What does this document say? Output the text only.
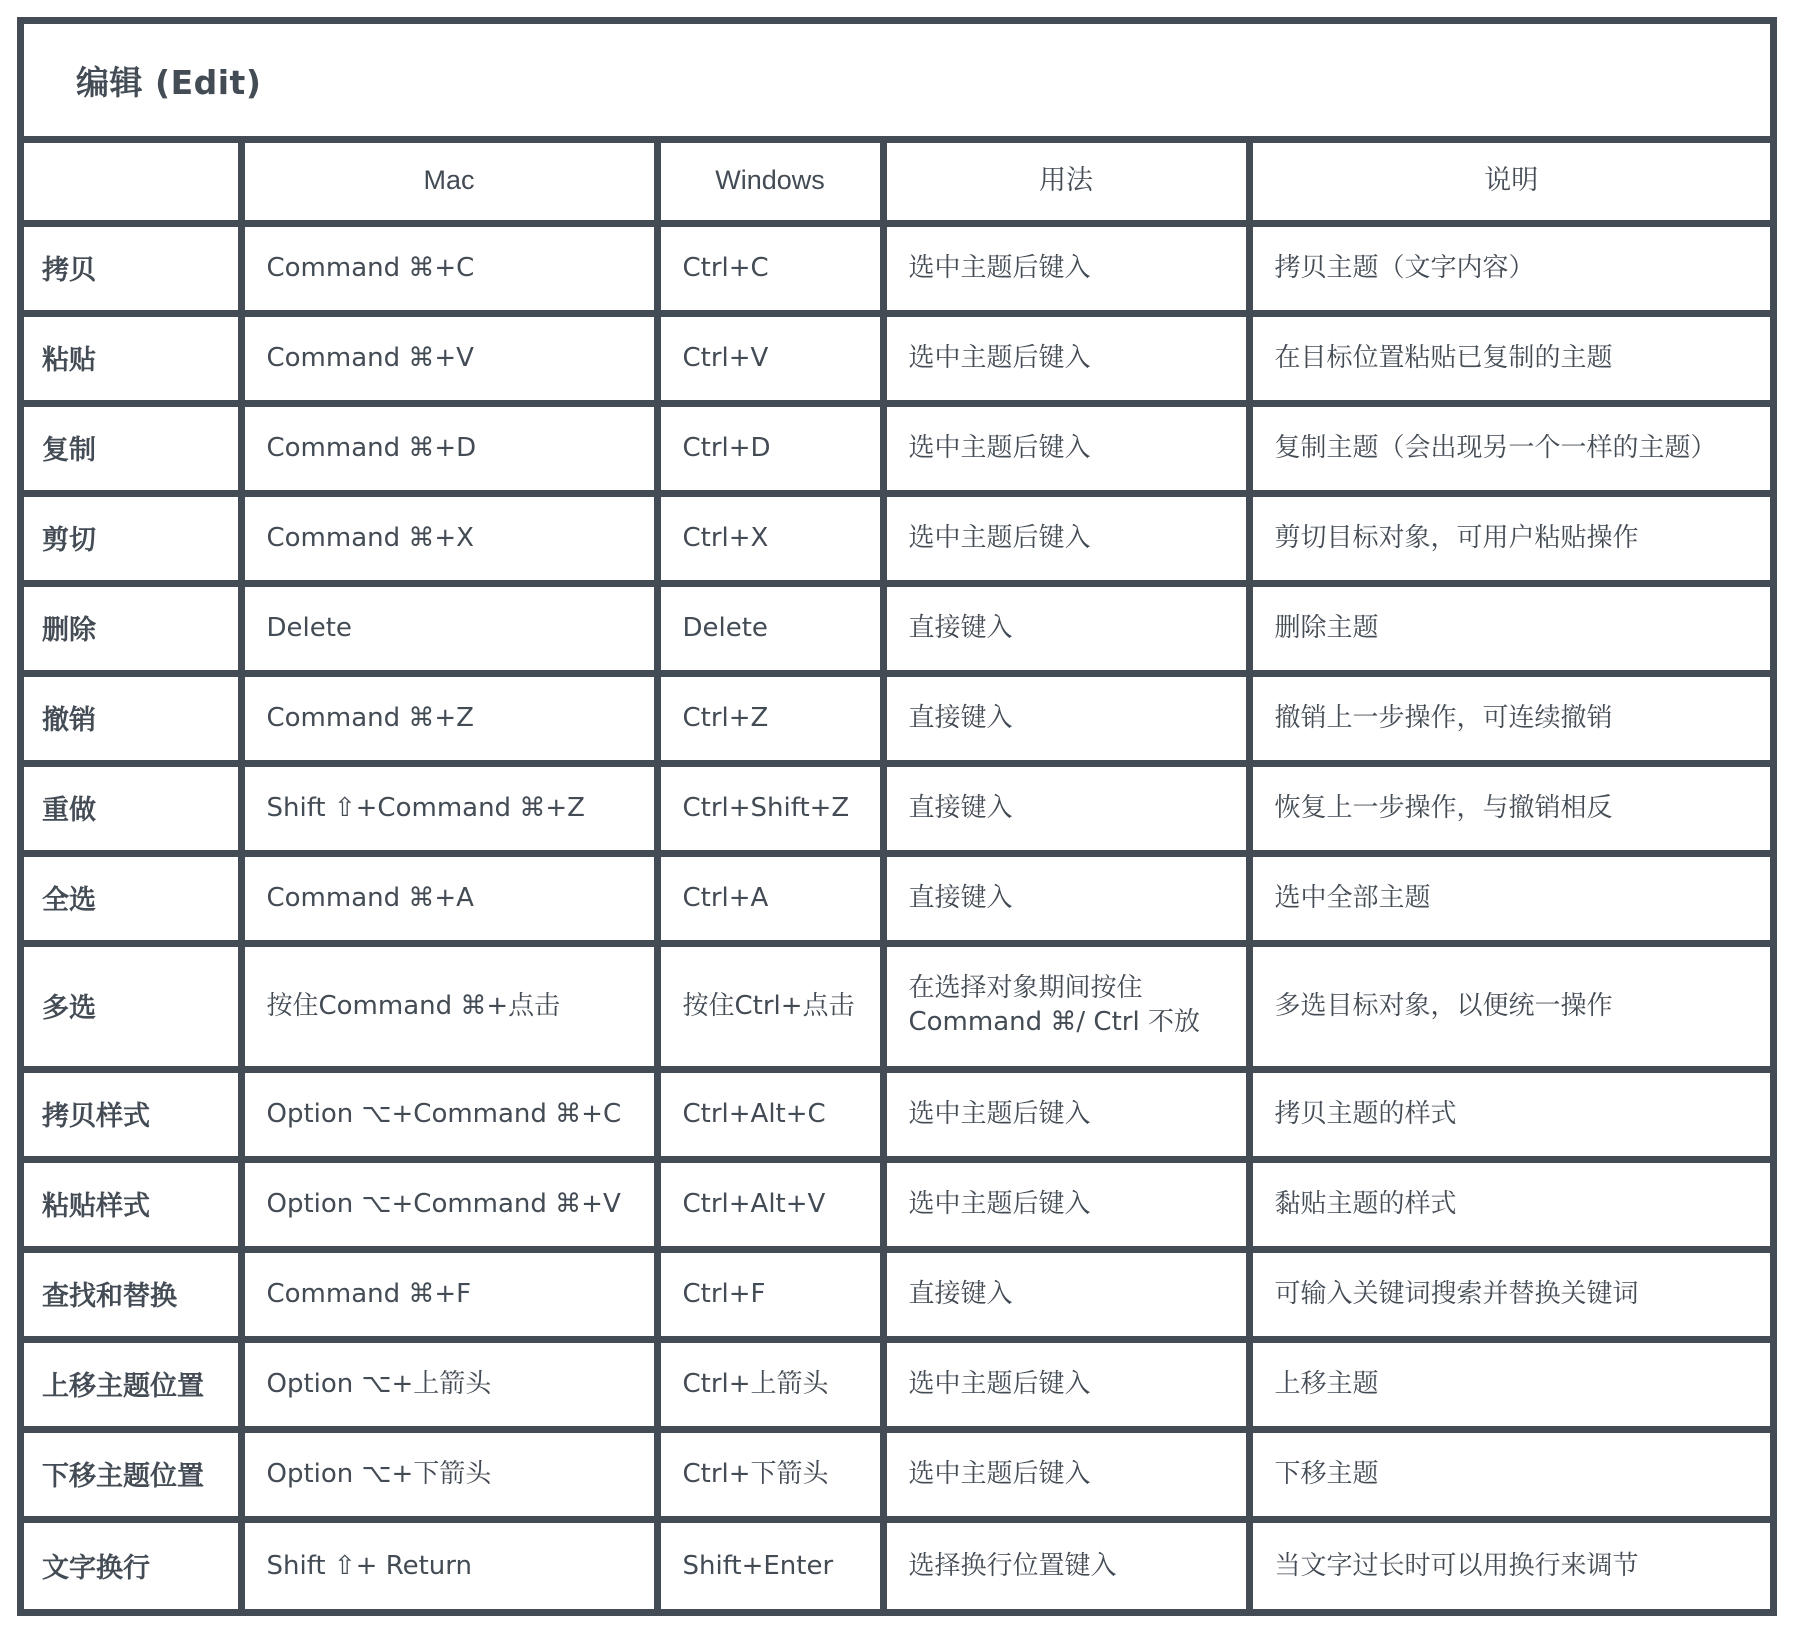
编辑 (Edit)
	Mac	Windows	用法	说明
拷贝	Command ⌘+C	Ctrl+C	选中主题后键入	拷贝主题（文字内容）
粘贴	Command ⌘+V	Ctrl+V	选中主题后键入	在目标位置粘贴已复制的主题
复制	Command ⌘+D	Ctrl+D	选中主题后键入	复制主题（会出现另一个一样的主题）
剪切	Command ⌘+X	Ctrl+X	选中主题后键入	剪切目标对象，可用户粘贴操作
删除	Delete	Delete	直接键入	删除主题
撤销	Command ⌘+Z	Ctrl+Z	直接键入	撤销上一步操作，可连续撤销
重做	Shift ⇧+Command ⌘+Z	Ctrl+Shift+Z	直接键入	恢复上一步操作，与撤销相反
全选	Command ⌘+A	Ctrl+A	直接键入	选中全部主题
多选	按住Command ⌘+点击	按住Ctrl+点击	在选择对象期间按住 Command ⌘/ Ctrl 不放	多选目标对象，以便统一操作
拷贝样式	Option ⌥+Command ⌘+C	Ctrl+Alt+C	选中主题后键入	拷贝主题的样式
粘贴样式	Option ⌥+Command ⌘+V	Ctrl+Alt+V	选中主题后键入	黏贴主题的样式
查找和替换	Command ⌘+F	Ctrl+F	直接键入	可输入关键词搜索并替换关键词
上移主题位置	Option ⌥+上箭头	Ctrl+上箭头	选中主题后键入	上移主题
下移主题位置	Option ⌥+下箭头	Ctrl+下箭头	选中主题后键入	下移主题
文字换行	Shift ⇧+ Return	Shift+Enter	选择换行位置键入	当文字过长时可以用换行来调节
